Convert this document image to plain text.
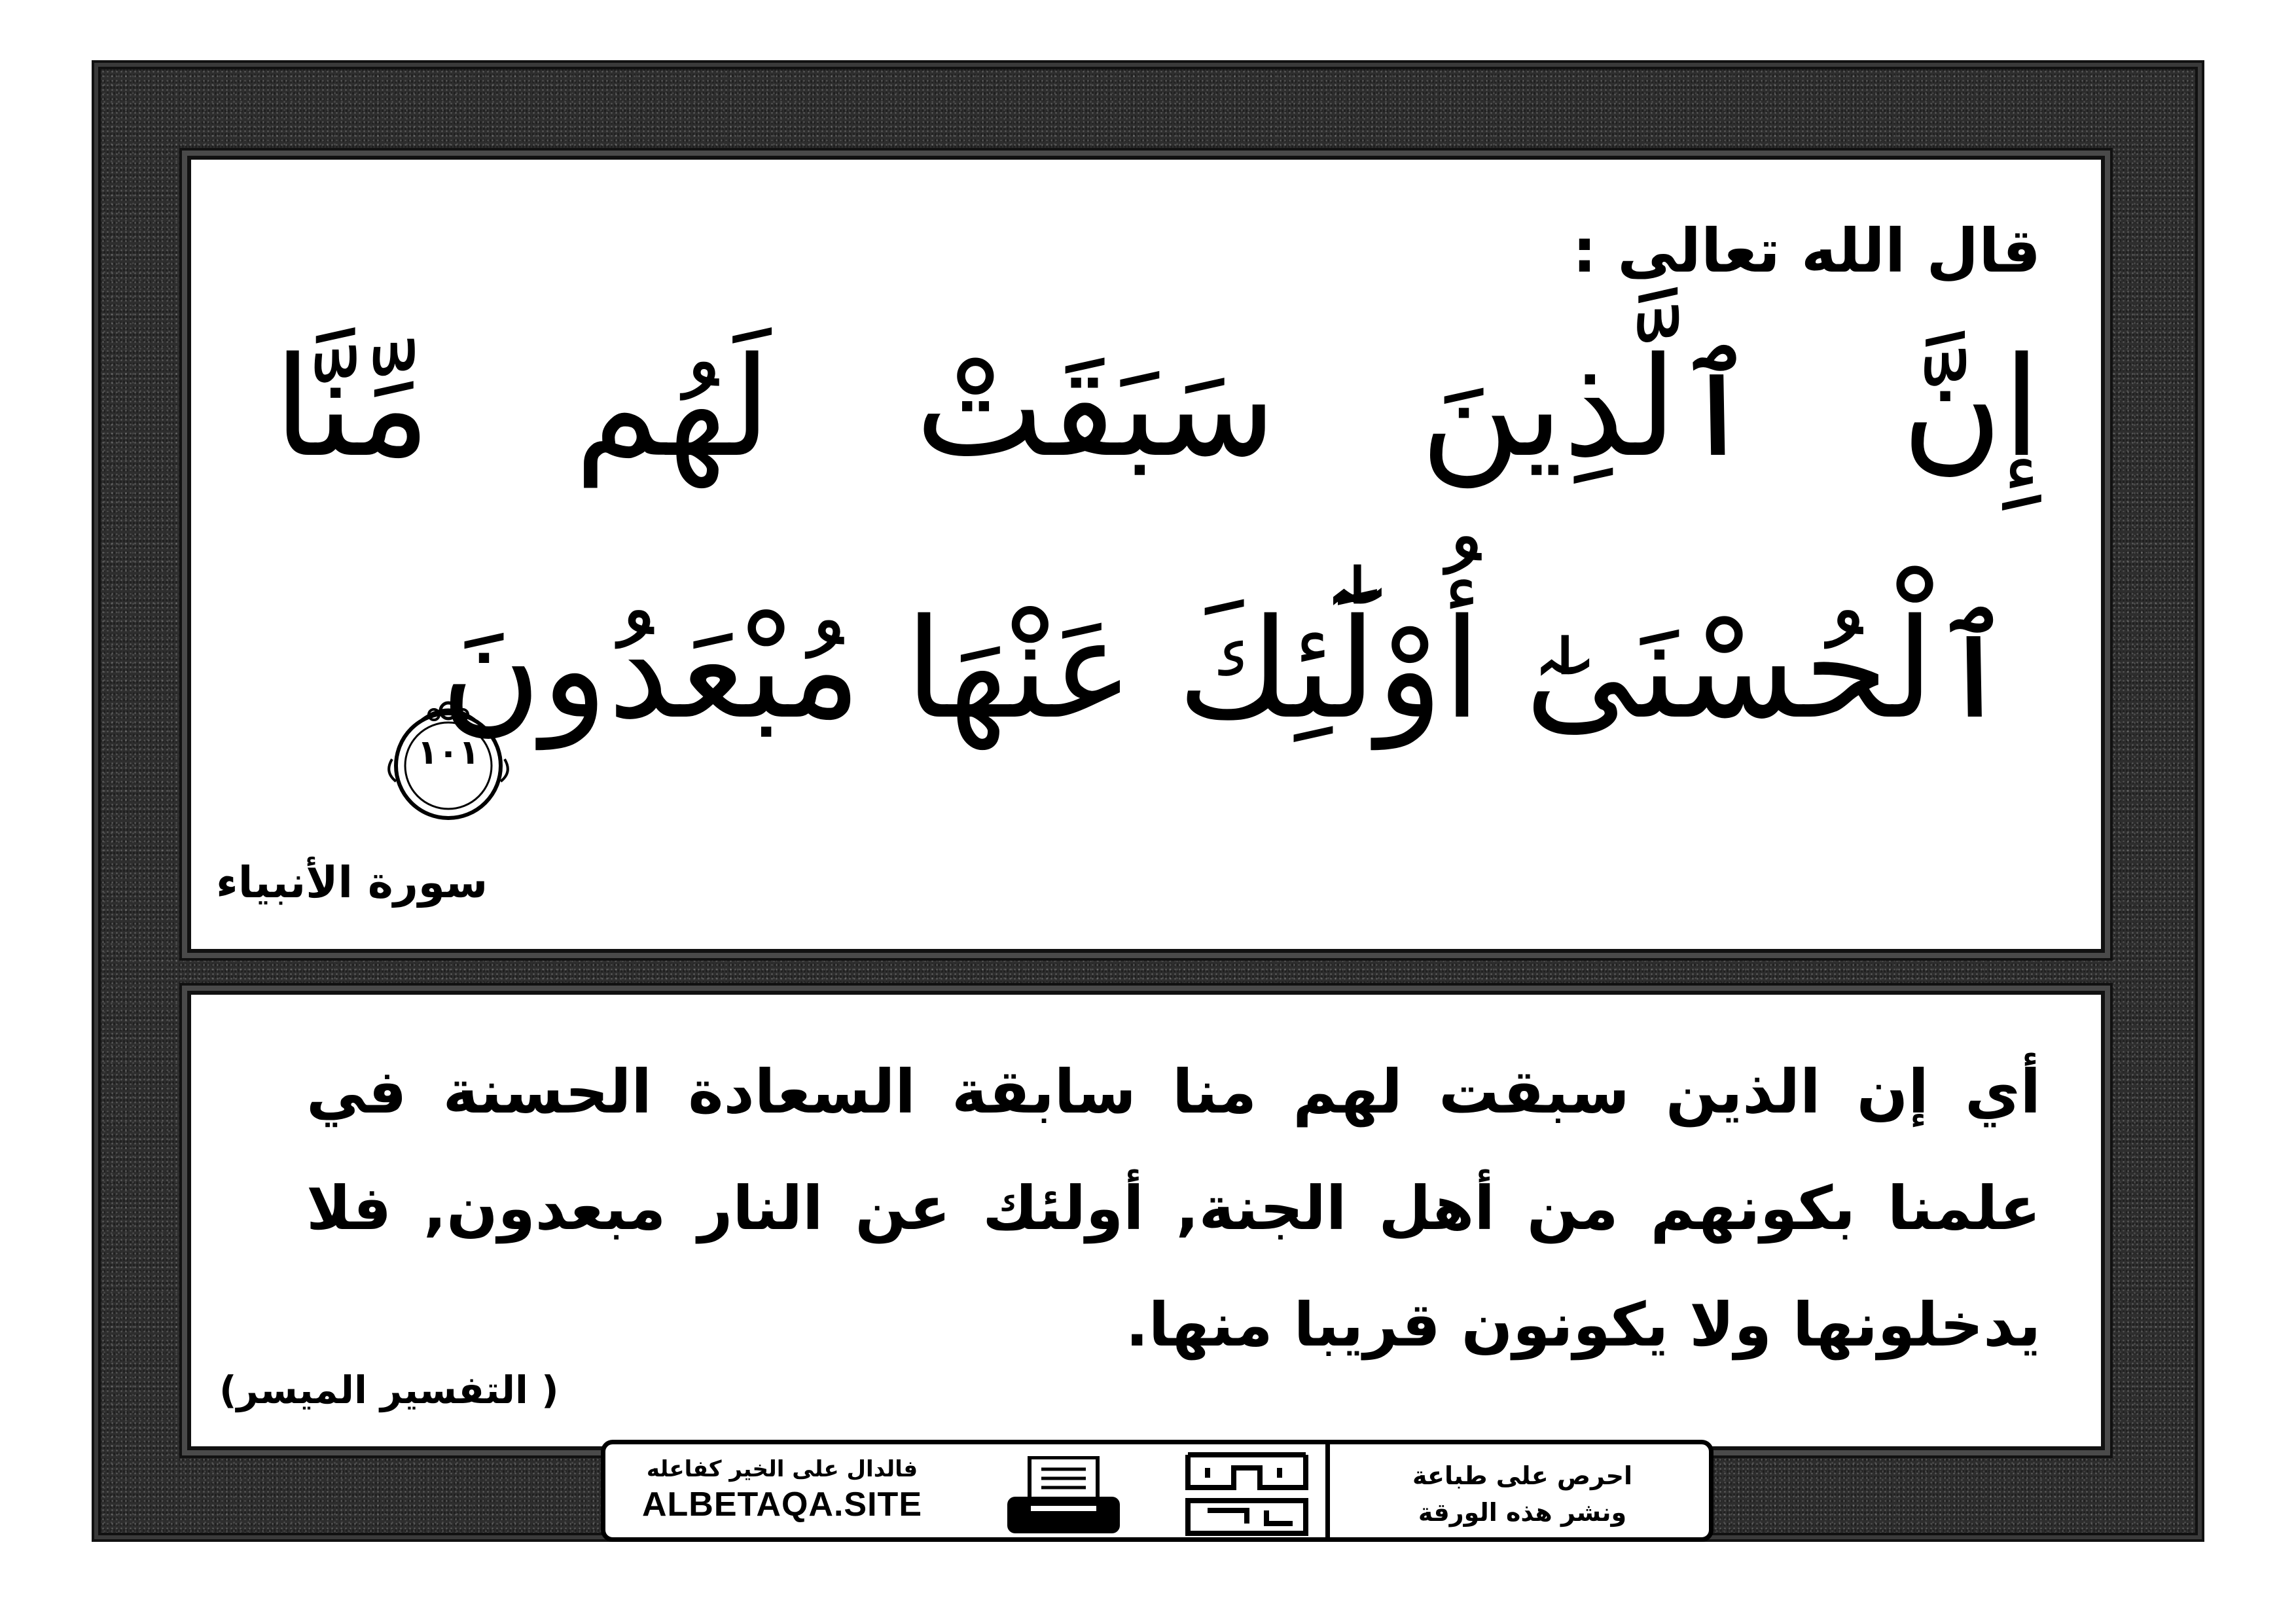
قال الله تعالى :
إِنَّ ٱلَّذِينَ سَبَقَتْ لَهُم مِّنَّا
ٱلْحُسْنَىٰٓ أُوْلَٰٓئِكَ عَنْهَا مُبْعَدُونَ
١٠١
سورة الأنبياء
أي إن الذين سبقت لهم منا سابقة السعادة الحسنة في علمنا بكونهم من أهل الجنة, أولئك عن النار مبعدون, فلا يدخلونها ولا يكونون قريبا منها.
( التفسير الميسر)
فالدال على الخير كفاعله
ALBETAQA.SITE
احرص على طباعة
ونشر هذه الورقة
